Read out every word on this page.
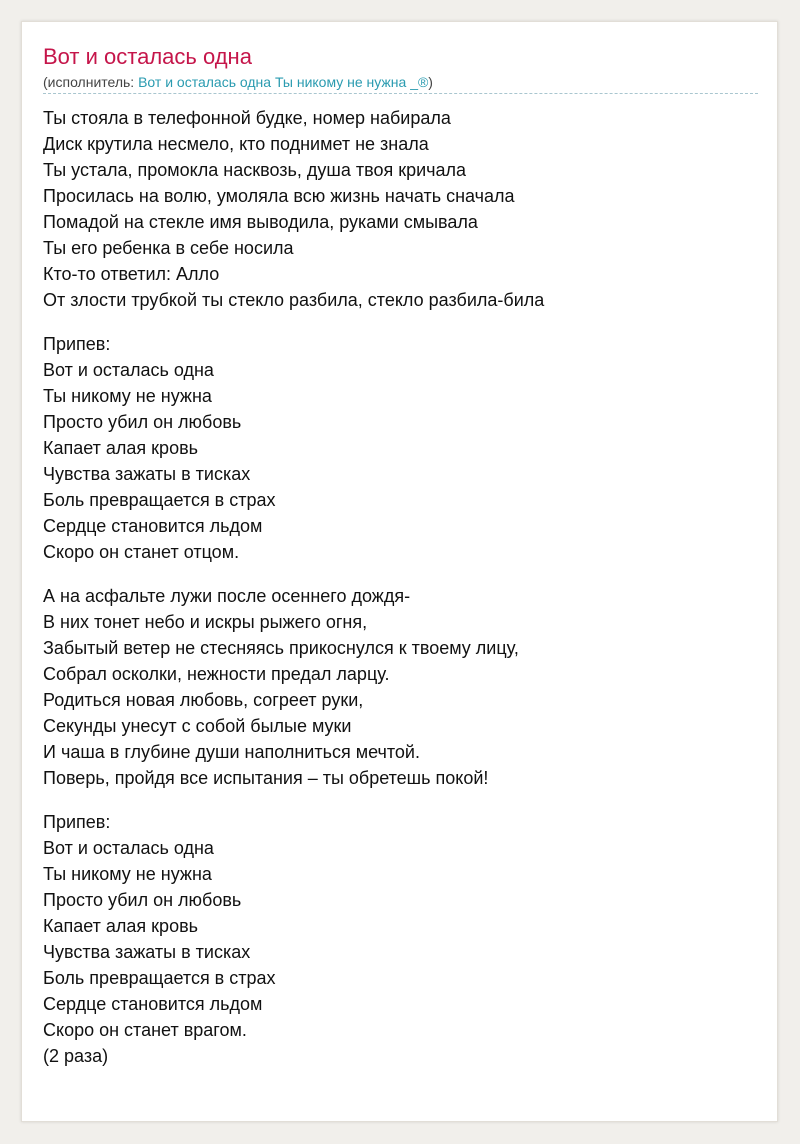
Вот и осталась одна
(исполнитель: Вот и осталась одна Ты никому не нужна _®)
Ты стояла в телефонной будке, номер набирала
Диск крутила несмело, кто поднимет не знала
Ты устала, промокла насквозь, душа твоя кричала
Просилась на волю, умоляла всю жизнь начать сначала
Помадой на стекле имя выводила, руками смывала
Ты его ребенка в себе носила
Кто-то ответил: Алло
От злости трубкой ты стекло разбила, стекло разбила-била
Припев:
Вот и осталась одна
Ты никому не нужна
Просто убил он любовь
Капает алая кровь
Чувства зажаты в тисках
Боль превращается в страх
Сердце становится льдом
Скоро он станет отцом.
А на асфальте лужи после осеннего дождя-
В них тонет небо и искры рыжего огня,
Забытый ветер не стесняясь прикоснулся к твоему лицу,
Собрал осколки, нежности предал ларцу.
Родиться новая любовь, согреет руки,
Секунды унесут с собой былые муки
И чаша в глубине души наполниться мечтой.
Поверь, пройдя все испытания – ты обретешь покой!
Припев:
Вот и осталась одна
Ты никому не нужна
Просто убил он любовь
Капает алая кровь
Чувства зажаты в тисках
Боль превращается в страх
Сердце становится льдом
Скоро он станет врагом.
(2 раза)
